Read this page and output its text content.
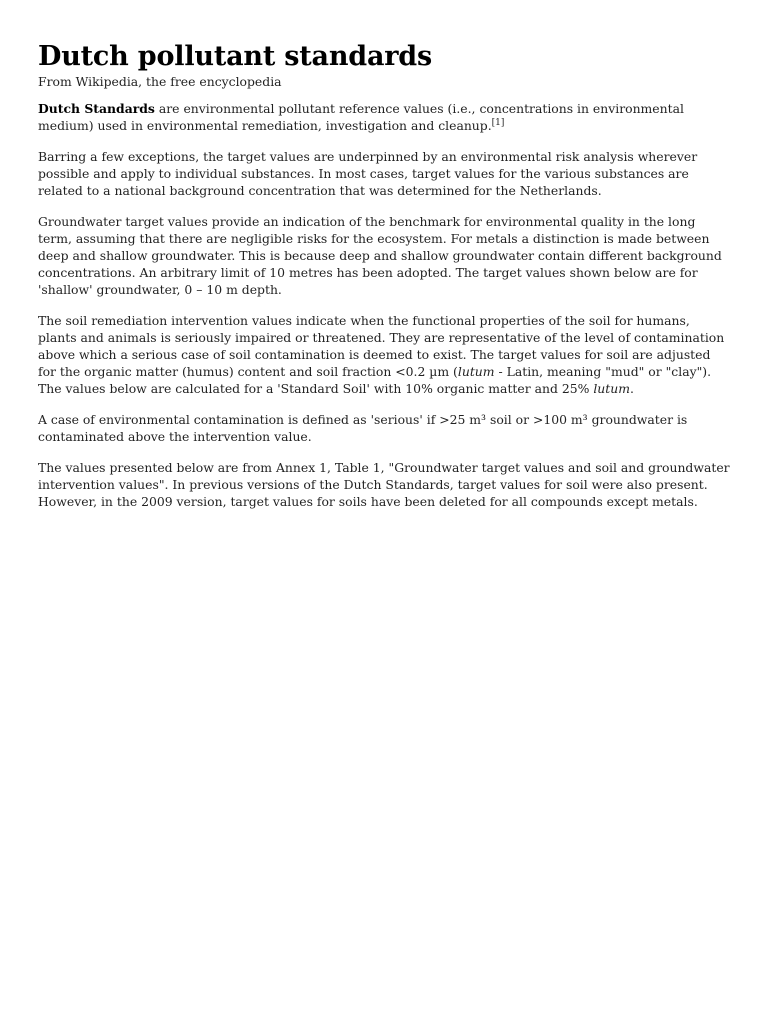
Dutch pollutant standards
From Wikipedia, the free encyclopedia

Dutch Standards are environmental pollutant reference values (i.e., concentrations in environmental medium) used in environmental remediation, investigation and cleanup.[1]

Barring a few exceptions, the target values are underpinned by an environmental risk analysis wherever possible and apply to individual substances. In most cases, target values for the various substances are related to a national background concentration that was determined for the Netherlands.

Groundwater target values provide an indication of the benchmark for environmental quality in the long term, assuming that there are negligible risks for the ecosystem. For metals a distinction is made between deep and shallow groundwater. This is because deep and shallow groundwater contain different background concentrations. An arbitrary limit of 10 metres has been adopted. The target values shown below are for 'shallow' groundwater, 0 – 10 m depth.

The soil remediation intervention values indicate when the functional properties of the soil for humans, plants and animals is seriously impaired or threatened. They are representative of the level of contamination above which a serious case of soil contamination is deemed to exist. The target values for soil are adjusted for the organic matter (humus) content and soil fraction <0.2 µm (lutum - Latin, meaning "mud" or "clay"). The values below are calculated for a 'Standard Soil' with 10% organic matter and 25% lutum.

A case of environmental contamination is defined as 'serious' if >25 m³ soil or >100 m³ groundwater is contaminated above the intervention value.

The values presented below are from Annex 1, Table 1, "Groundwater target values and soil and groundwater intervention values". In previous versions of the Dutch Standards, target values for soil were also present. However, in the 2009 version, target values for soils have been deleted for all compounds except metals.
